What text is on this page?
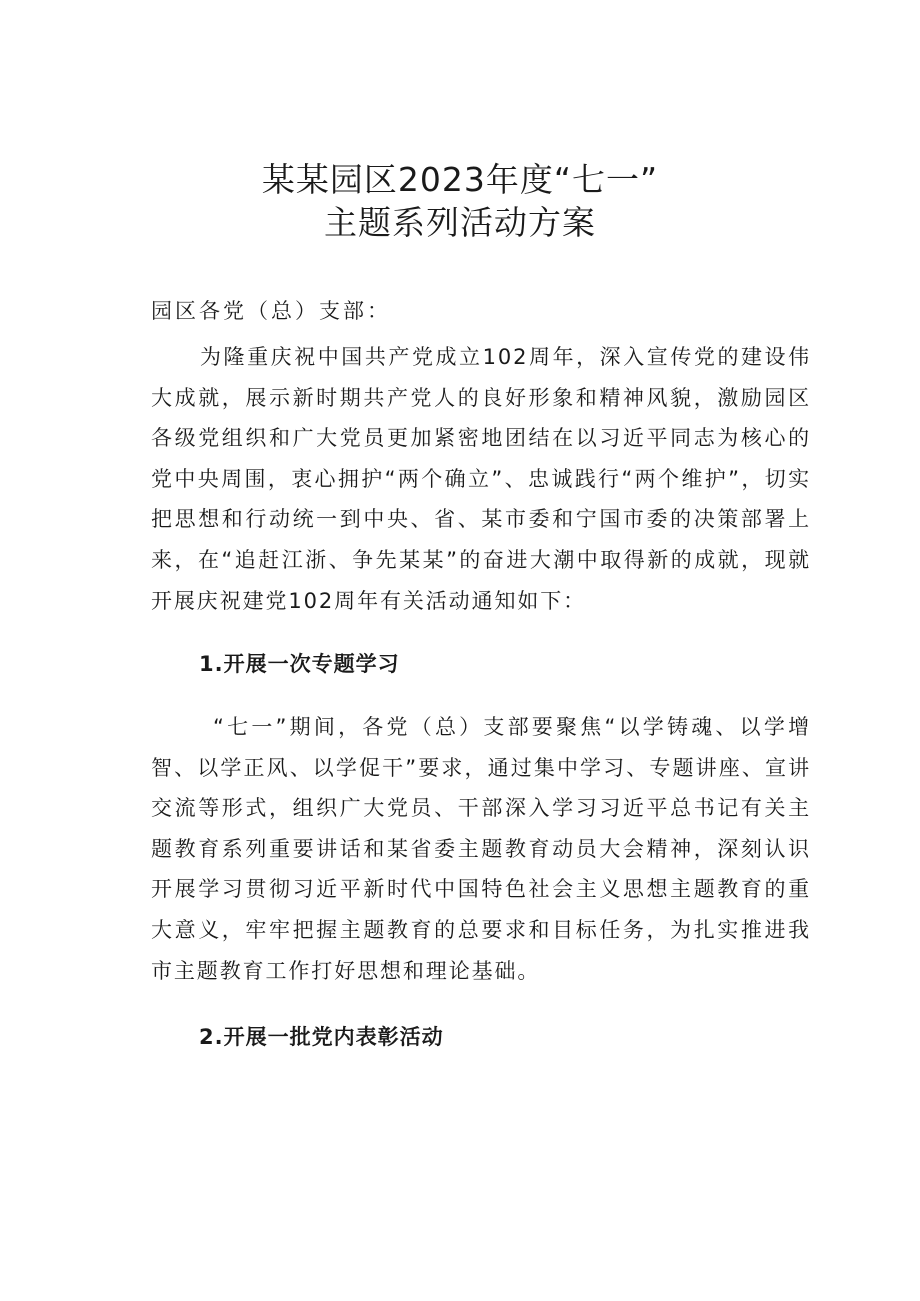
某某园区2023年度“七一”
主题系列活动方案
园区各党（总）支部：

为隆重庆祝中国共产党成立102周年，深入宣传党的建设伟大成就，展示新时期共产党人的良好形象和精神风貌，激励园区各级党组织和广大党员更加紧密地团结在以习近平同志为核心的党中央周围，衷心拥护“两个确立”、忠诚践行“两个维护”，切实把思想和行动统一到中央、省、某市委和宁国市委的决策部署上来，在“追赶江浙、争先某某”的奋进大潮中取得新的成就，现就开展庆祝建党102周年有关活动通知如下：

1.开展一次专题学习

“七一”期间，各党（总）支部要聚焦“以学铸魂、以学增智、以学正风、以学促干”要求，通过集中学习、专题讲座、宣讲交流等形式，组织广大党员、干部深入学习习近平总书记有关主题教育系列重要讲话和某省委主题教育动员大会精神，深刻认识开展学习贯彻习近平新时代中国特色社会主义思想主题教育的重大意义，牢牢把握主题教育的总要求和目标任务，为扎实推进我市主题教育工作打好思想和理论基础。

2.开展一批党内表彰活动
